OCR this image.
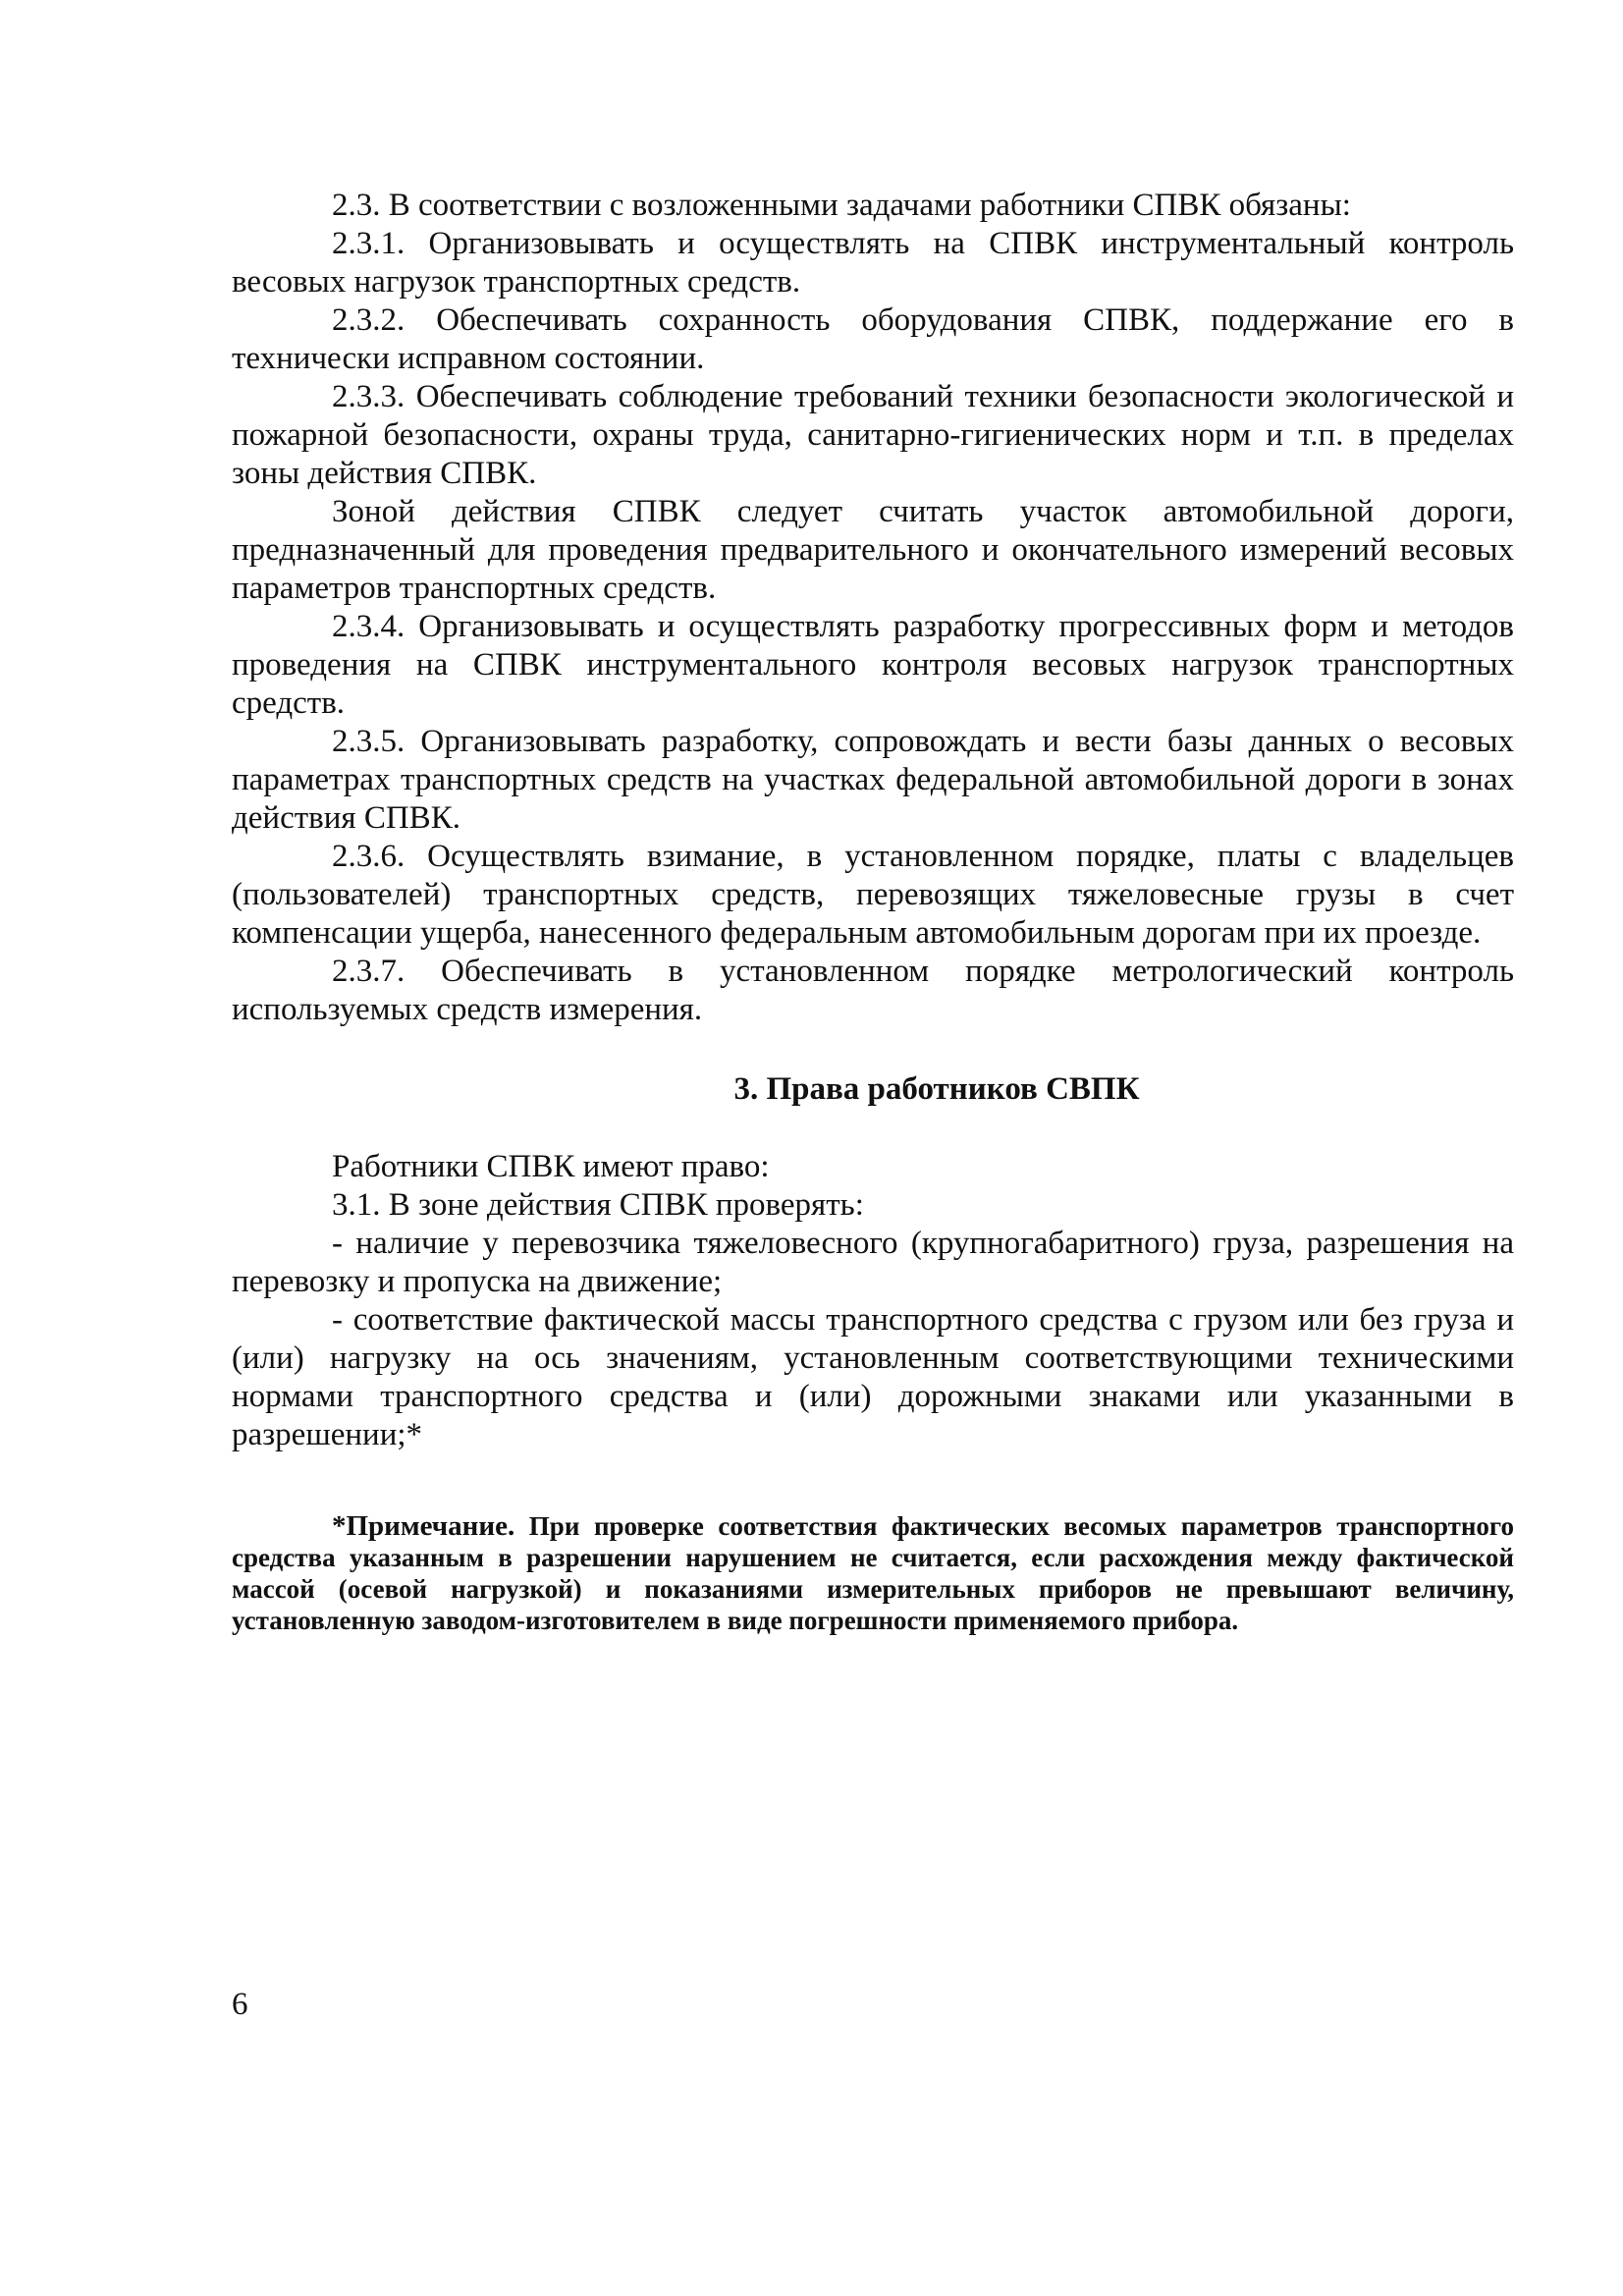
2.3. В соответствии с возложенными задачами работники СПВК обязаны:

2.3.1. Организовывать и осуществлять на СПВК инструментальный контроль весовых нагрузок транспортных средств.

2.3.2. Обеспечивать сохранность оборудования СПВК, поддержание его в технически исправном состоянии.

2.3.3. Обеспечивать соблюдение требований техники безопасности экологической и пожарной безопасности, охраны труда, санитарно-гигиенических норм и т.п. в пределах зоны действия СПВК.

Зоной действия СПВК следует считать участок автомобильной дороги, предназначенный для проведения предварительного и окончательного измерений весовых параметров транспортных средств.

2.3.4. Организовывать и осуществлять разработку прогрессивных форм и методов проведения на СПВК инструментального контроля весовых нагрузок транспортных средств.

2.3.5. Организовывать разработку, сопровождать и вести базы данных о весовых параметрах транспортных средств на участках федеральной автомобильной дороги в зонах действия СПВК.

2.3.6. Осуществлять взимание, в установленном порядке, платы с владельцев (пользователей) транспортных средств, перевозящих тяжеловесные грузы в счет компенсации ущерба, нанесенного федеральным автомобильным дорогам при их проезде.

2.3.7. Обеспечивать в установленном порядке метрологический контроль используемых средств измерения.

3. Права работников СВПК

Работники СПВК имеют право:

3.1. В зоне действия СПВК проверять:

- наличие у перевозчика тяжеловесного (крупногабаритного) груза, разрешения на перевозку и пропуска на движение;

- соответствие фактической массы транспортного средства с грузом или без груза и (или) нагрузку на ось значениям, установленным соответствующими техническими нормами транспортного средства и (или) дорожными знаками или указанными в разрешении;*

*Примечание. При проверке соответствия фактических весомых параметров транспортного средства указанным в разрешении нарушением не считается, если расхождения между фактической массой (осевой нагрузкой) и показаниями измерительных приборов не превышают величину, установленную заводом-изготовителем в виде погрешности применяемого прибора.

6
